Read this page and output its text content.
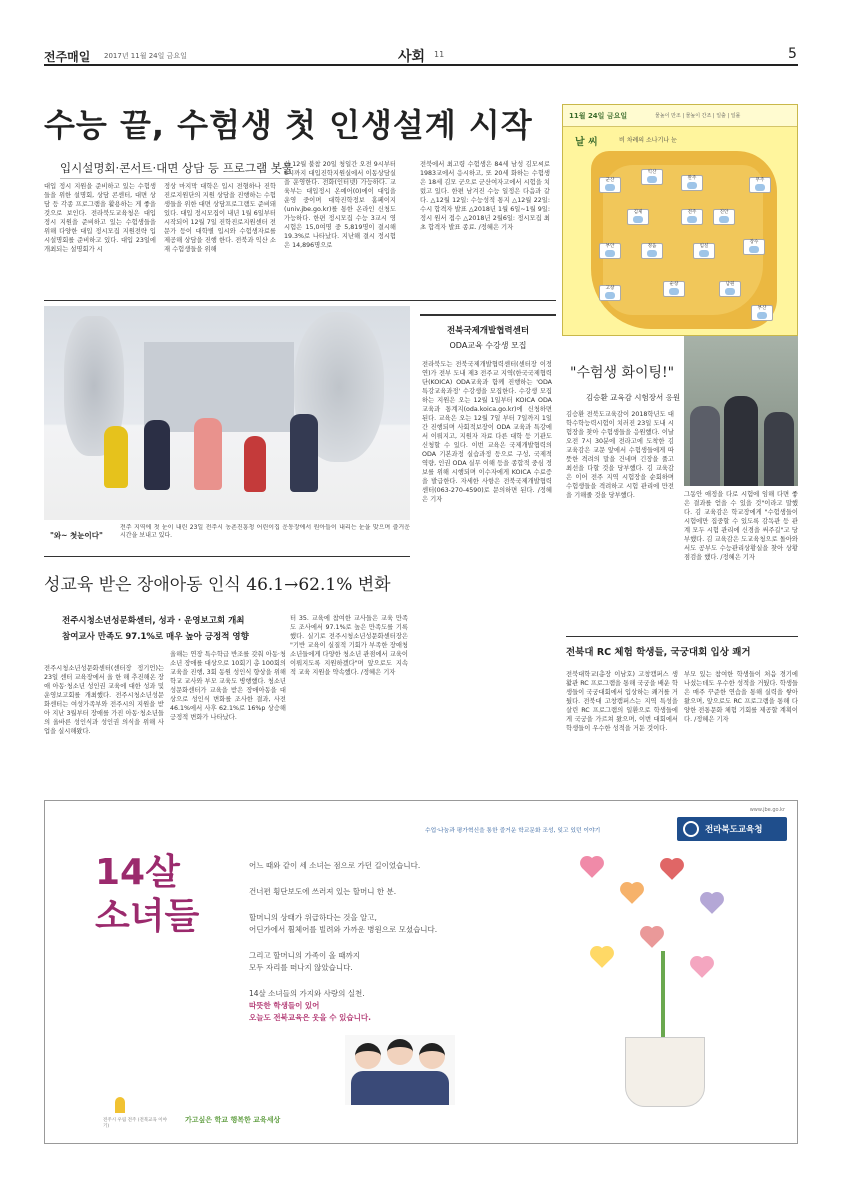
전주매일 2017년 11월 24일 금요일	사회 11	5
수능 끝, 수험생 첫 인생설계 시작
입시설명회·콘서트·대면 상담 등 프로그램 봇물
대입 정시 지원을 준비하고 있는 수험생들을 위한 설명회, 상담 콘센터, 대면 상담 등 각종 프로그램을 활용하는 게 좋을 것으로 보인다. 전라북도교육청은 대입 정시 지원을 준비하고 있는 수험생들을 위해 다양한 대입 정시모집 지원전략 입시설명회를 준비하고 있다. 대입 23일에 개최되는 설명회가 시
정상 마지막 대학은 입시 전형하나 진학진로지원단의 지원 상담을 진행하는 수험생들을 위한 대면 상담프로그램도 준비돼 있다. 대입 정시모집이 내년 1월 6일부터 시작되어 12월 7일 진학진로지원센터 전문가 등이 대학별 입시와 수험생자료를 제공해 상담을 진행 한다. 전북과 익산 소재 수험생들을 위해
선 12월 불참 20일 청일간 오전 9시부터 6시까지 대입진학지원실에서 이동상담실을 운영한다. 전화(인터넷) 가능하다. 교육부는 대입정시 온예어(0)에이 대입을 운영 중이며 대학진학정보 홈페이지(univ.jbe.go.kr)를 통한 온라인 신청도 가능하다. 한편 정시모집 수능 3교시 영시험은 15,0여명 중 5,819명이 결시해 19.3%로 나타났다. 지난해 결시 정시험은 14,896명으로
전북에서 최고령 수험생은 84세 남성 김모씨로 1983교에서 응시하고, 또 20세 화하는 수험생은 18세 김모 군으로 군산여자고에서 시험을 치렀고 있다. 한편 남겨진 수능 일정은 다음과 같다. △12월 12일: 수능성적 통지 △12월 22일: 수시 합격자 발표 △2018년 1월 6일~1월 9일: 정시 원서 접수 △2018년 2월6일: 정시모집 최초 합격자 발표 종료. /정혜은 기자
11월 24일 금요일	물높이 만조 | 물높이 간조 | 일출 | 일몰
날 씨	비 차례의 소나기나 눈
군산
익산
완주	무주
전주	진안
김제
부안	정읍	임실
장수
고창
순창	남원
부산
"와~ 첫눈이다"
전주 지역에 첫 눈이 내린 23일 전주시 농촌진흥청 어린이집 운동장에서 원아들이 내리는 눈을 맞으며 즐거운 시간을 보내고 있다.
전북국제개발협력센터
ODA교육 수강생 모집
전라북도는 전북국제개발협력센터(센터장 이정연)가 전부 도내 제3 전주교 지역(한국국제협력단(KOICA) ODA교육과 함께 진행하는 'ODA 특강교육과정' 수강생을 모집한다. 수강생 모집하는 지원은 오는 12월 1일부터 KOICA ODA교육과 통계지(oda.koica.go.kr)에 신청하면 된다. 교육은 오는 12월 7일 부터 7일까지 1일간 진행되며 사회적보장이 ODA 교육과 특강에서 이뤄지고, 지원자 자료 다른 대학 등 기관도 신청할 수 있다. 이번 교육은 국제개발협력의 ODA 기본과정 실습과정 등으로 구성, 국제적 역량, 인권 ODA 실무 이해 등을 종합적 중심 정보를 위해 시행되며 이수자에게 KOICA 수료증을 발급한다. 자세한 사항은 전북국제개발협력센터(063-270-4590)로 문의하면 된다. /정혜은 기자
"수험생 화이팅!"
김승환 교육감 시험장서 응원
김승환 전북도교육감이 2018학년도 대학수학능력시험이 치러진 23일 도내 시험장을 찾아 수험생들을 응원했다. 이날 오전 7시 30분에 전라고에 도착한 김 교육감은 교문 앞에서 수험생들에게 따뜻한 격려의 말을 건네며 긴장을 풀고 최선을 다할 것을 당부했다. 김 교육감은 이어 전주 지역 시험장을 순회하며 수험생들을 격려하고 시험 관리에 만전을 기해줄 것을 당부했다.	그동안 애정을 다로 시험에 임해 다면 좋은 결과를 얻을 수 있을 것"이라고 말했다. 김 교육감은 학교장에게 "수험생들이 시험에만 집중할 수 있도록 감독관 등 관계 모두 시험 관리에 신경을 써주길"고 당부했다. 김 교육감은 도교육청으로 돌아와서도 공부도 수능관리상황실을 찾아 상황 점검을 했다. /정혜은 기자
성교육 받은 장애아동 인식 46.1→62.1% 변화
전주시청소년성문화센터, 성과 · 운영보고회 개최
참여교사 만족도 97.1%로 매우 높아 긍정적 영향
전주시청소년성문화센터(센터장 정기언)는 23일 센터 교육장에서 올 한 해 추진해온 장애 아동·청소년 성인권 교육에 대한 성과 및 운영보고회를 개최했다. 전주시청소년성문화센터는 여성가족부와 전주시의 지원을 받아 지난 3월부터 장애를 가진 아동·청소년들의 올바른 성인식과 성인권 의식을 위해 사업을 실시해왔다.
올해는 연장 특수학급 반조를 갖춰 아동·청소년 장애를 대상으로 10회기 총 100회의 교육을 진행, 3회 동원 성인식 향상을 위해 학교 교사와 부모 교육도 병행했다. 청소년성문화센터가 교육을 받은 장애아동을 대상으로 성인식 변화를 조사한 결과, 사전 46.1%에서 사후 62.1%로 16%p 상승해 긍정적 변화가 나타났다.
터 35. 교육에 참여한 교사들은 교육 만족도 조사에서 97.1%로 높은 만족도를 기록했다. 실기로 전주시청소년성문화센터장은 "기반 교육이 실질적 기회가 부족한 장애청소년들에게 다양한 청소년 관점에서 교육이 이뤄지도록 지원하겠다"며 앞으로도 지속적 교육 지원을 약속했다. /정혜은 기자
전북대 RC 체험 학생들, 국궁대회 입상 쾌거
전북대학교(총장 이남호) 고창캠퍼스 생활관 RC 프로그램을 통해 국궁을 배운 학생들이 국궁대회에서 입상하는 쾌거를 거뒀다. 전북대 고창캠퍼스는 지역 특성을 살린 RC 프로그램의 일환으로 학생들에게 국궁을 가르쳐 왔으며, 이번 대회에서 학생들이 우수한 성적을 거둔 것이다.
부모 있는 참여한 학생들이 처음 경기에 나섰는데도 우수한 성적을 거뒀다. 학생들은 매주 꾸준한 연습을 통해 실력을 쌓아왔으며, 앞으로도 RC 프로그램을 통해 다양한 전통문화 체험 기회를 제공할 계획이다. /정혜은 기자
www.jbe.go.kr
수업·나눔과 평가혁신을 통한 즐거운 학교문화 조성, 잊고 있던 이야기	전라북도교육청
14살
소녀들
어느 때와 같이 세 소녀는 점으로 가던 길이었습니다.
건너편 횡단보도에 쓰러져 있는 할머니 한 분.
할머니의 상태가 위급하다는 것을 알고,
어딘가에서 휠체어를 빌려와 가까운 병원으로 모셨습니다.
그리고 할머니의 가족이 올 때까지
모두 자리를 떠나지 않았습니다.
14살 소녀들의 가지와 사랑의 실천.
따뜻한 학생들이 있어
오늘도 전북교육은 웃을 수 있습니다.
가고싶은 학교 행복한 교육세상
전주시 우림 전주 (전북교육 이야기)
